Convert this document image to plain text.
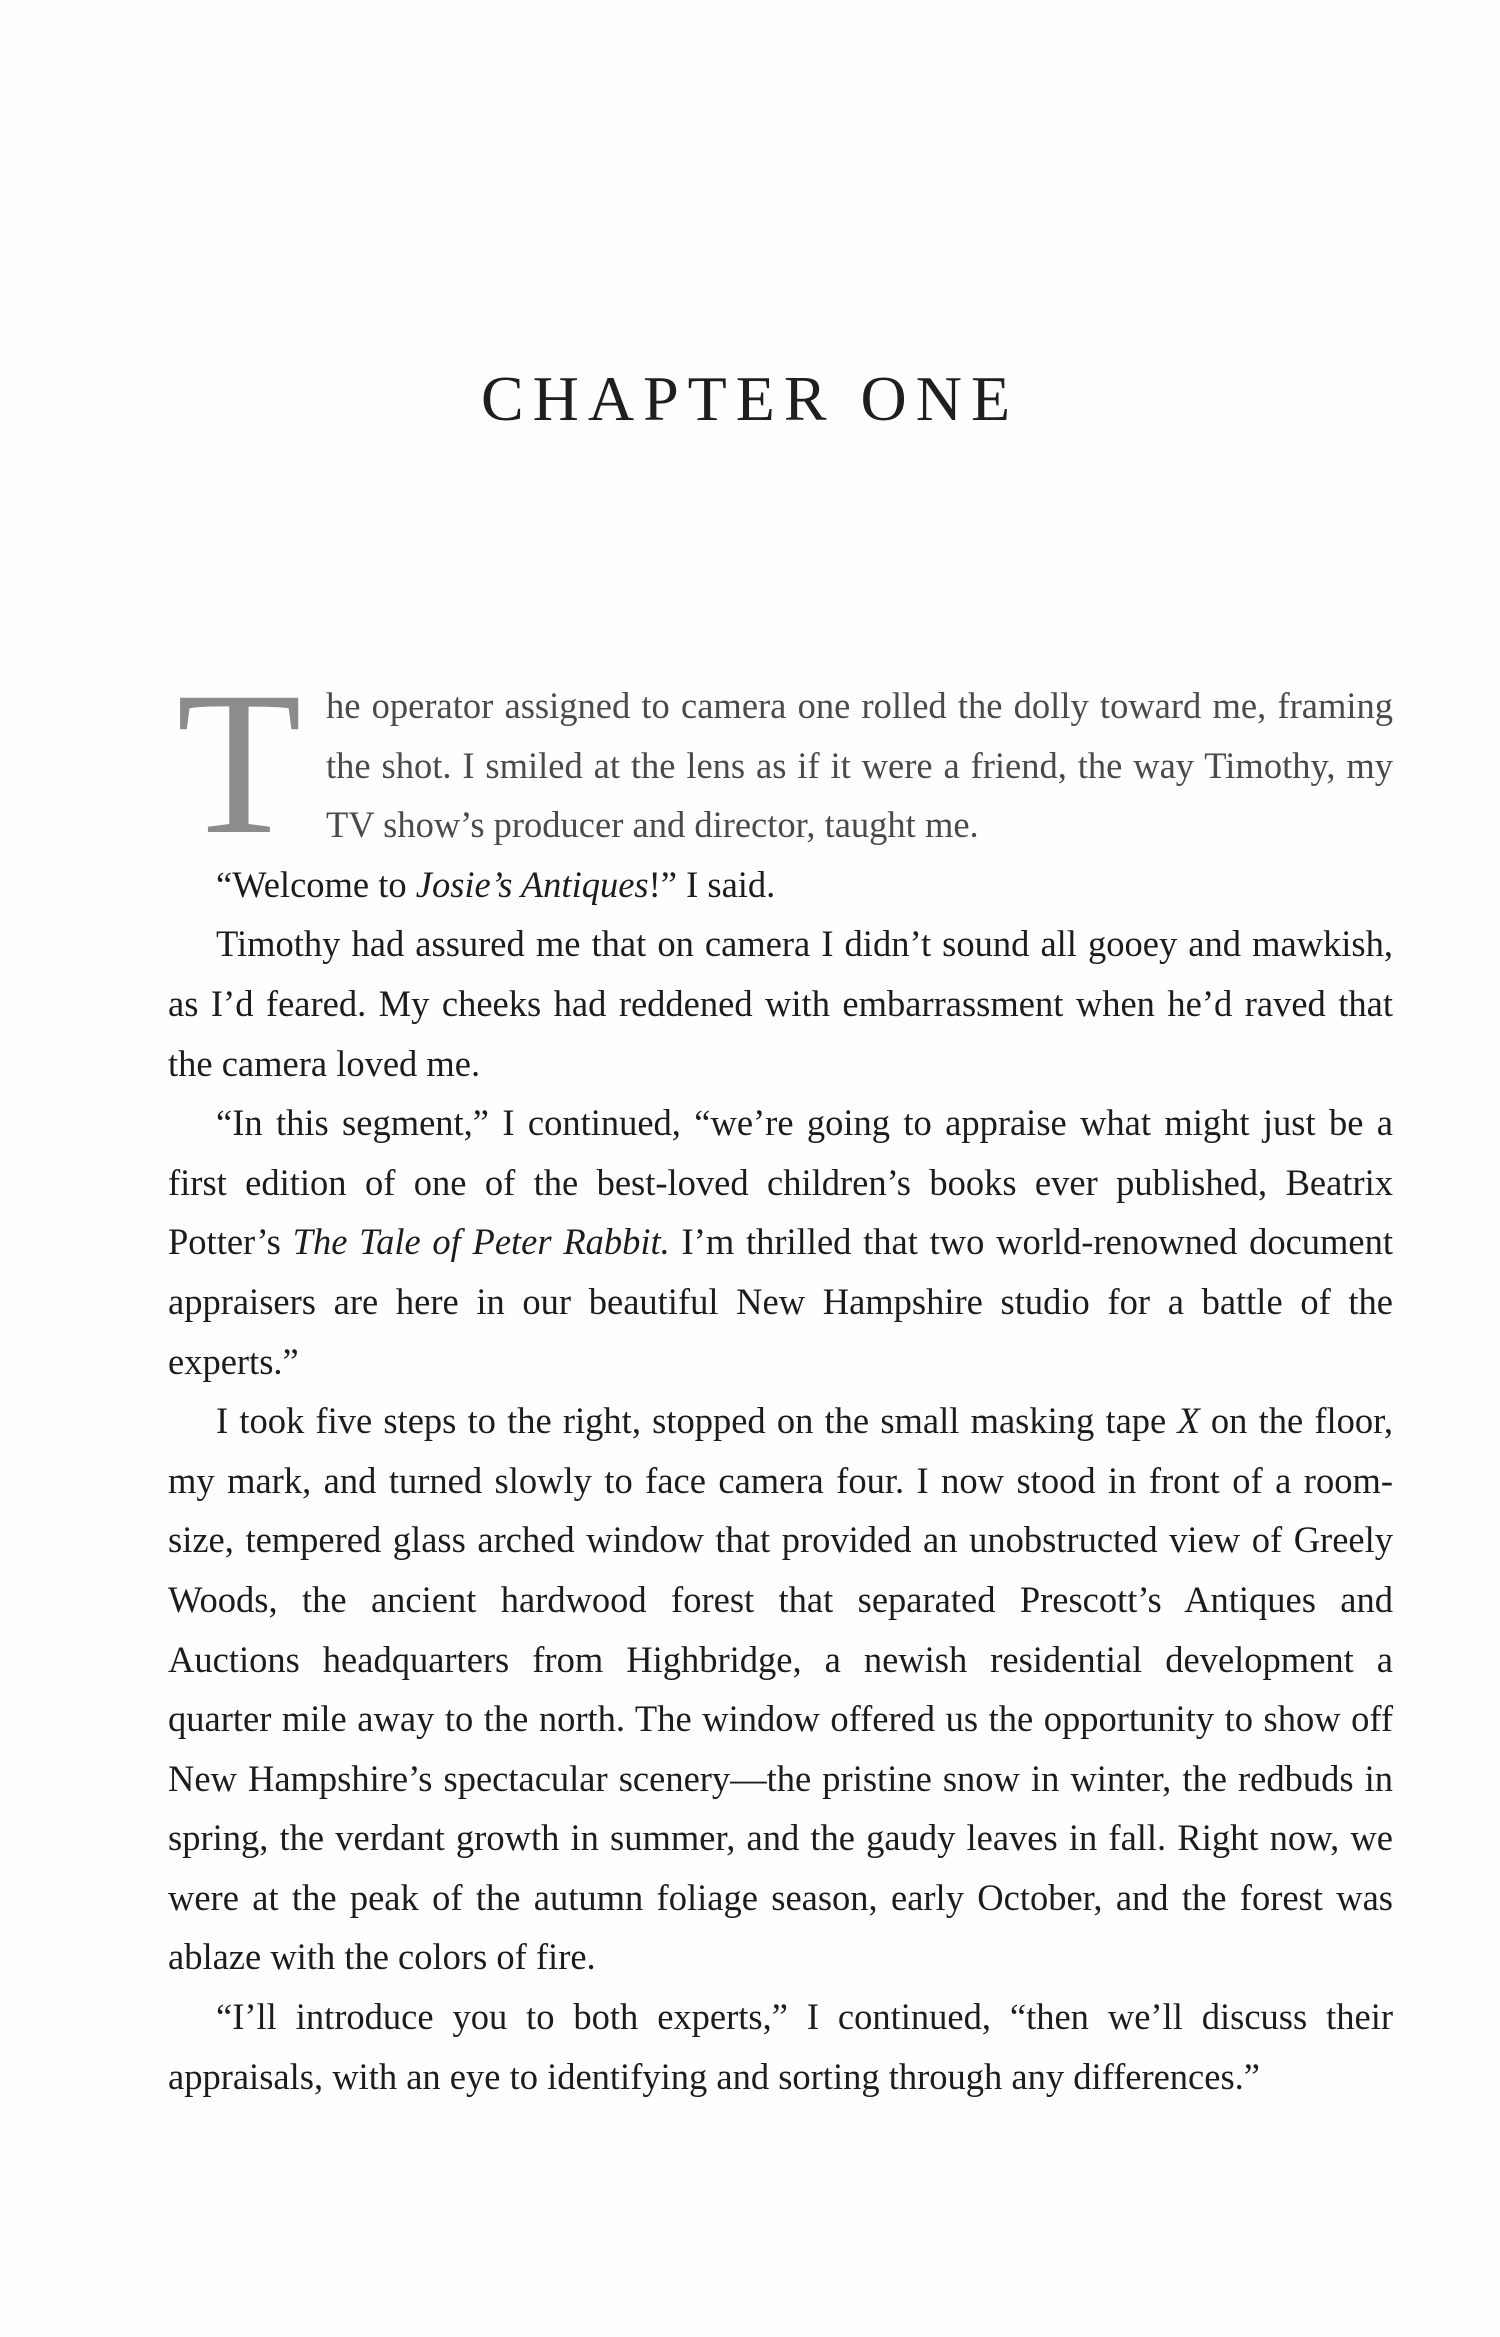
CHAPTER ONE

The operator assigned to camera one rolled the dolly toward me, framing the shot. I smiled at the lens as if it were a friend, the way Timothy, my TV show’s producer and director, taught me.

“Welcome to Josie’s Antiques!” I said.

Timothy had assured me that on camera I didn’t sound all gooey and mawkish, as I’d feared. My cheeks had reddened with embarrassment when he’d raved that the camera loved me.

“In this segment,” I continued, “we’re going to appraise what might just be a first edition of one of the best-loved children’s books ever published, Beatrix Potter’s The Tale of Peter Rabbit. I’m thrilled that two world-renowned document appraisers are here in our beautiful New Hampshire studio for a battle of the experts.”

I took five steps to the right, stopped on the small masking tape X on the floor, my mark, and turned slowly to face camera four. I now stood in front of a room-size, tempered glass arched window that provided an unobstructed view of Greely Woods, the ancient hardwood forest that separated Prescott’s Antiques and Auctions headquarters from Highbridge, a newish residential development a quarter mile away to the north. The window offered us the opportunity to show off New Hampshire’s spectacular scenery—the pristine snow in winter, the redbuds in spring, the verdant growth in summer, and the gaudy leaves in fall. Right now, we were at the peak of the autumn foliage season, early October, and the forest was ablaze with the colors of fire.

“I’ll introduce you to both experts,” I continued, “then we’ll discuss their appraisals, with an eye to identifying and sorting through any differences.”
